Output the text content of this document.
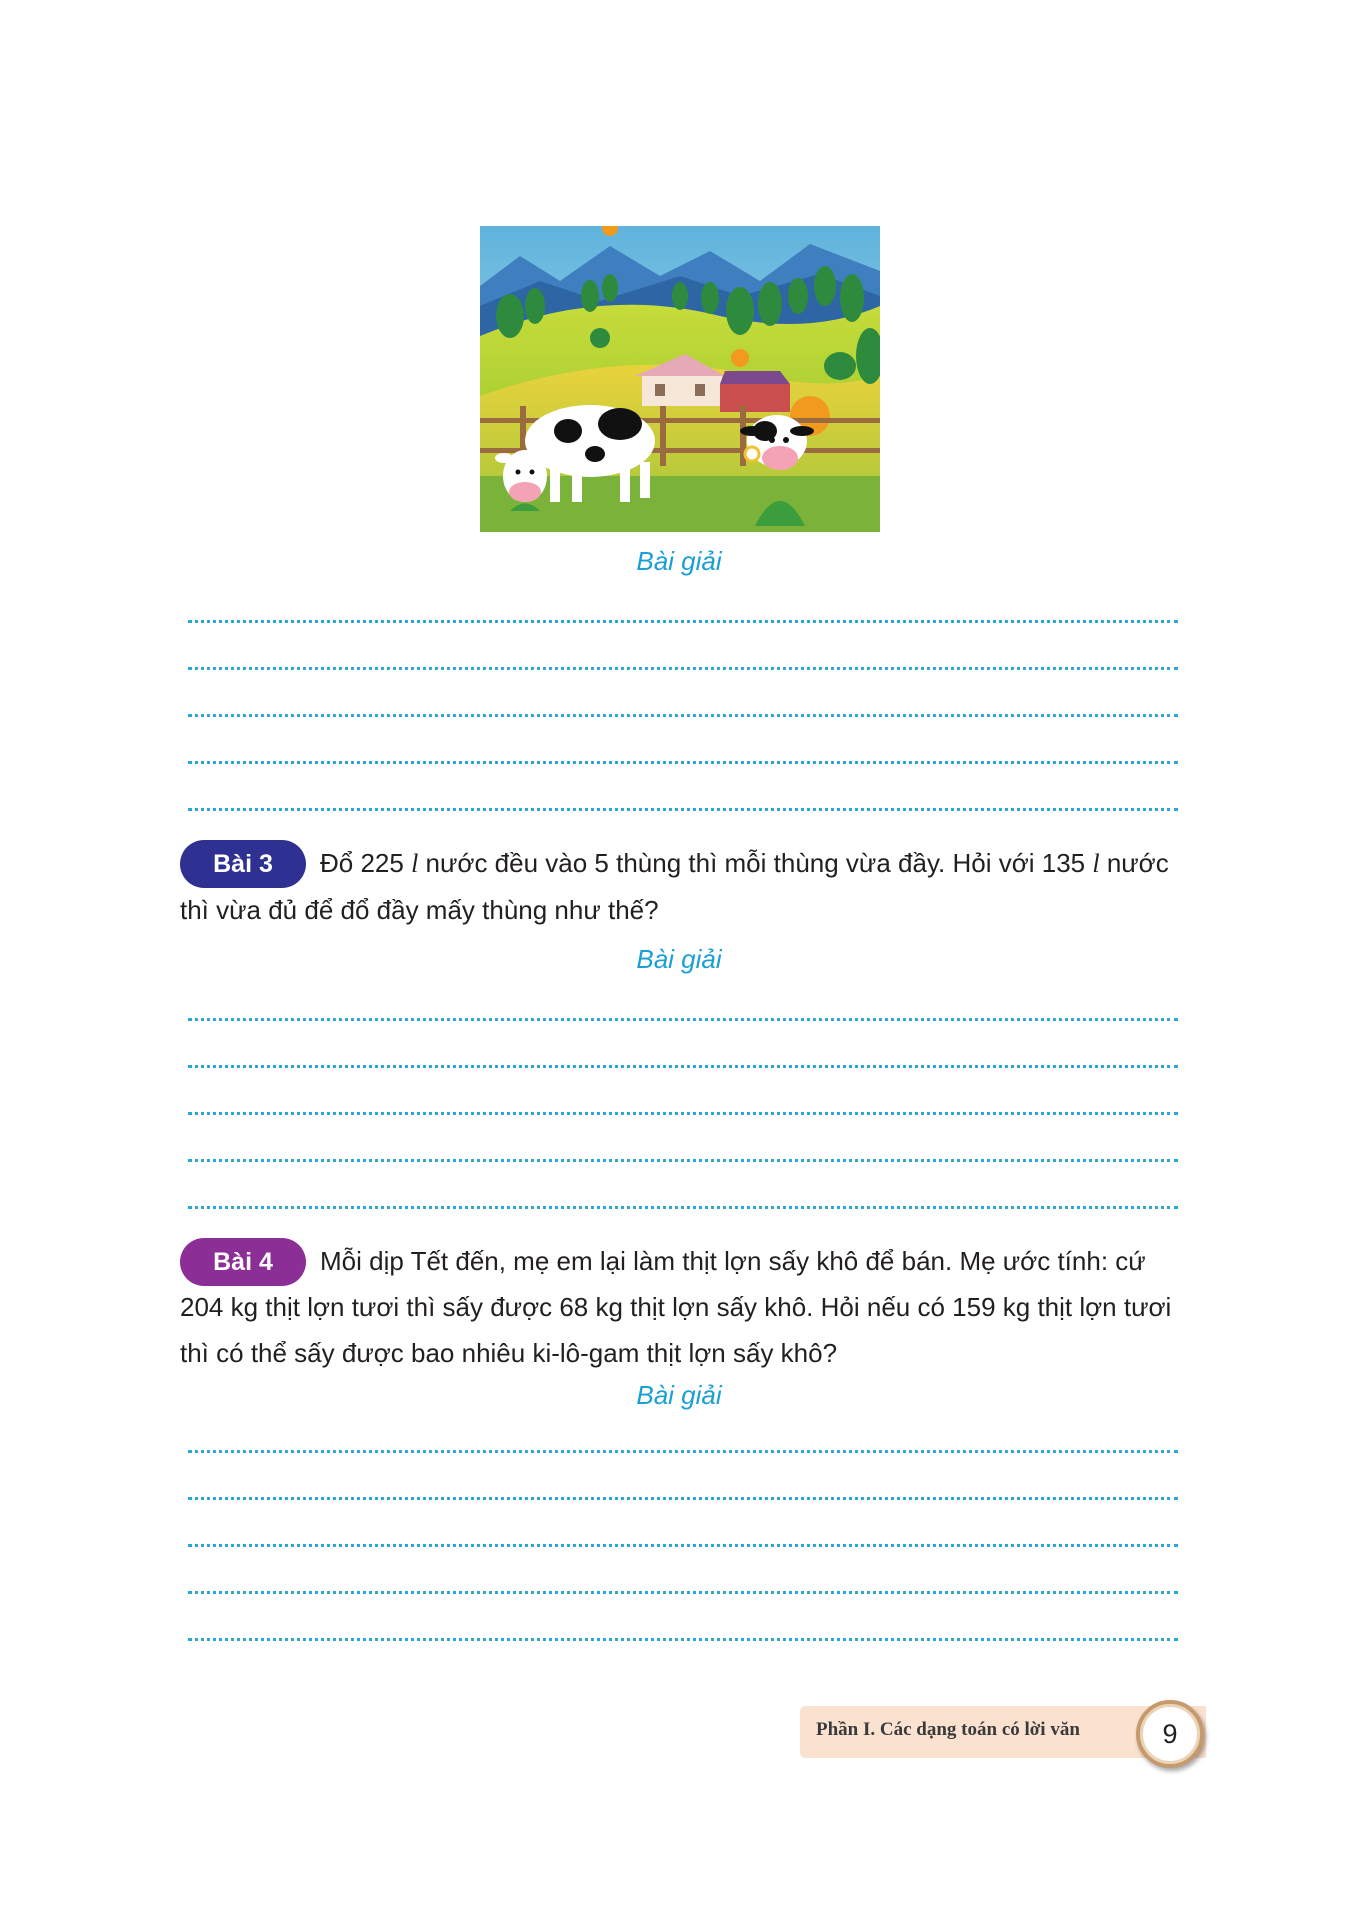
Bài giải
Bài 3	Đổ 225 l nước đều vào 5 thùng thì mỗi thùng vừa đầy. Hỏi với 135 l nước
thì vừa đủ để đổ đầy mấy thùng như thế?
Bài giải
Bài 4	Mỗi dịp Tết đến, mẹ em lại làm thịt lợn sấy khô để bán. Mẹ ước tính: cứ
204 kg thịt lợn tươi thì sấy được 68 kg thịt lợn sấy khô. Hỏi nếu có 159 kg thịt lợn tươi
thì có thể sấy được bao nhiêu ki-lô-gam thịt lợn sấy khô?
Bài giải
Phần I. Các dạng toán có lời văn	9
